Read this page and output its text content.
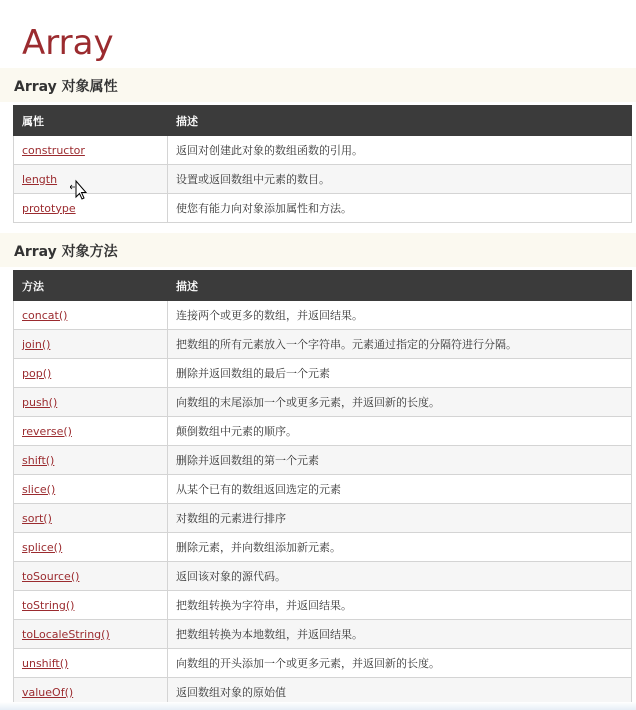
Array
Array 对象属性
属性	描述
constructor	返回对创建此对象的数组函数的引用。
length	设置或返回数组中元素的数目。
prototype	使您有能力向对象添加属性和方法。
Array 对象方法
方法	描述
concat()	连接两个或更多的数组，并返回结果。
join()	把数组的所有元素放入一个字符串。元素通过指定的分隔符进行分隔。
pop()	删除并返回数组的最后一个元素
push()	向数组的末尾添加一个或更多元素，并返回新的长度。
reverse()	颠倒数组中元素的顺序。
shift()	删除并返回数组的第一个元素
slice()	从某个已有的数组返回选定的元素
sort()	对数组的元素进行排序
splice()	删除元素，并向数组添加新元素。
toSource()	返回该对象的源代码。
toString()	把数组转换为字符串，并返回结果。
toLocaleString()	把数组转换为本地数组，并返回结果。
unshift()	向数组的开头添加一个或更多元素，并返回新的长度。
valueOf()	返回数组对象的原始值
